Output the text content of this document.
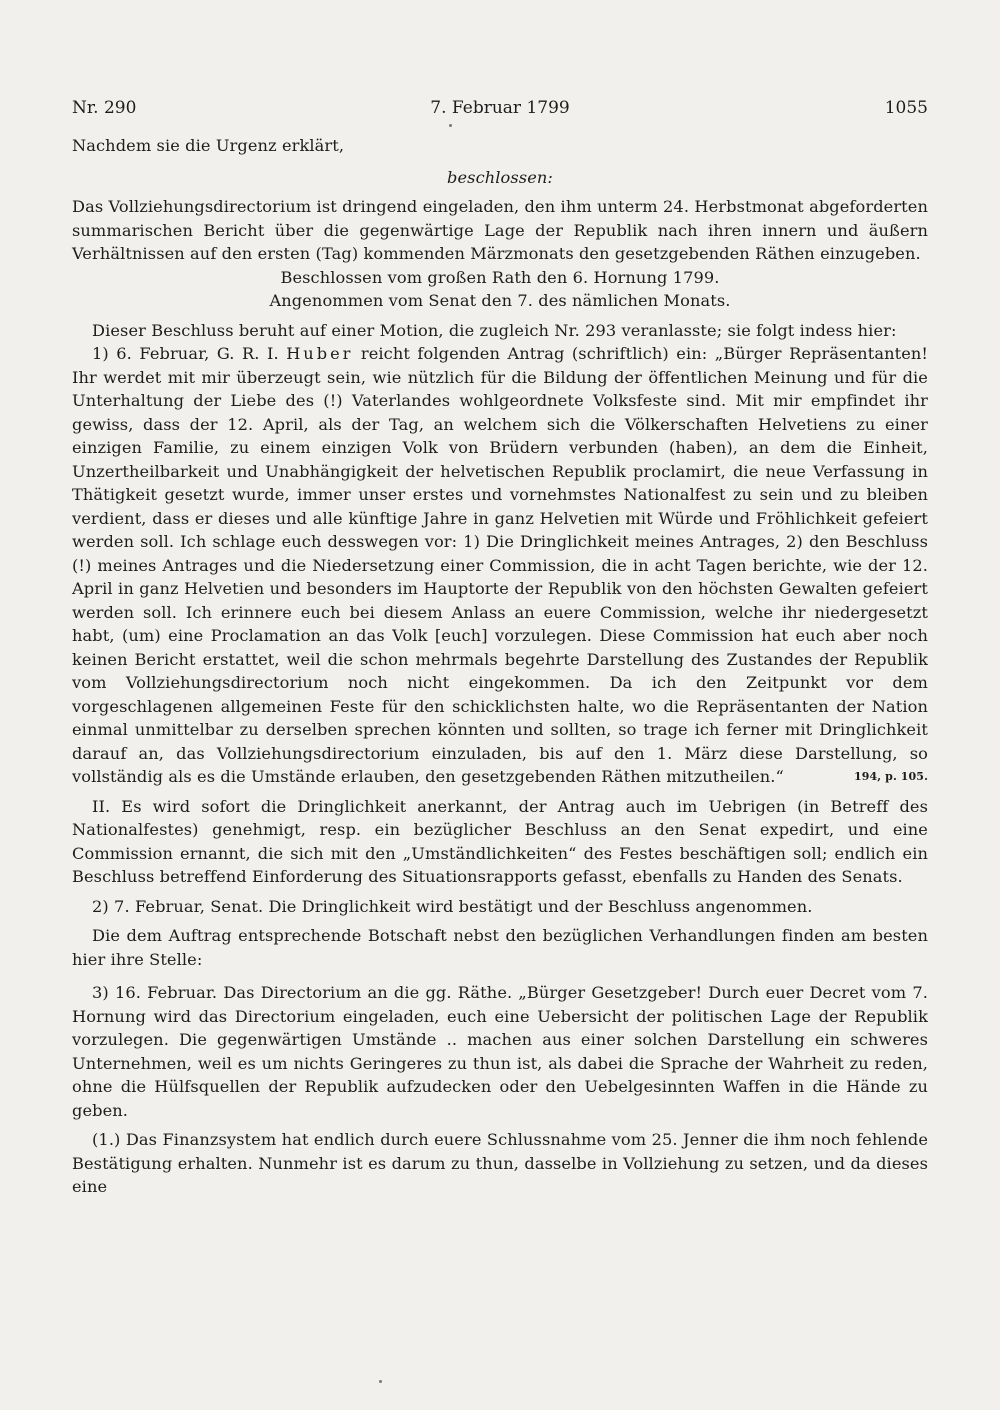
Nr. 290	7. Februar 1799	1055

Nachdem sie die Urgenz erklärt,

beschlossen:

Das Vollziehungsdirectorium ist dringend eingeladen, den ihm unterm 24. Herbstmonat abgeforderten summarischen Bericht über die gegenwärtige Lage der Republik nach ihren innern und äußern Verhältnissen auf den ersten (Tag) kommenden Märzmonats den gesetzgebenden Räthen einzugeben.

Beschlossen vom großen Rath den 6. Hornung 1799.

Angenommen vom Senat den 7. des nämlichen Monats.

Dieser Beschluss beruht auf einer Motion, die zugleich Nr. 293 veranlasste; sie folgt indess hier:

1) 6. Februar, G. R. I. Huber reicht folgenden Antrag (schriftlich) ein: „Bürger Repräsentanten! Ihr werdet mit mir überzeugt sein, wie nützlich für die Bildung der öffentlichen Meinung und für die Unterhaltung der Liebe des (!) Vaterlandes wohlgeordnete Volksfeste sind. Mit mir empfindet ihr gewiss, dass der 12. April, als der Tag, an welchem sich die Völkerschaften Helvetiens zu einer einzigen Familie, zu einem einzigen Volk von Brüdern verbunden (haben), an dem die Einheit, Unzertheilbarkeit und Unabhängigkeit der helvetischen Republik proclamirt, die neue Verfassung in Thätigkeit gesetzt wurde, immer unser erstes und vornehmstes Nationalfest zu sein und zu bleiben verdient, dass er dieses und alle künftige Jahre in ganz Helvetien mit Würde und Fröhlichkeit gefeiert werden soll. Ich schlage euch desswegen vor: 1) Die Dringlichkeit meines Antrages, 2) den Beschluss (!) meines Antrages und die Niedersetzung einer Commission, die in acht Tagen berichte, wie der 12. April in ganz Helvetien und besonders im Hauptorte der Republik von den höchsten Gewalten gefeiert werden soll. Ich erinnere euch bei diesem Anlass an euere Commission, welche ihr niedergesetzt habt, (um) eine Proclamation an das Volk [euch] vorzulegen. Diese Commission hat euch aber noch keinen Bericht erstattet, weil die schon mehrmals begehrte Darstellung des Zustandes der Republik vom Vollziehungsdirectorium noch nicht eingekommen. Da ich den Zeitpunkt vor dem vorgeschlagenen allgemeinen Feste für den schicklichsten halte, wo die Repräsentanten der Nation einmal unmittelbar zu derselben sprechen könnten und sollten, so trage ich ferner mit Dringlichkeit darauf an, das Vollziehungsdirectorium einzuladen, bis auf den 1. März diese Darstellung, so vollständig als es die Umstände erlauben, den gesetzgebenden Räthen mitzutheilen.“	194, p. 105.

II. Es wird sofort die Dringlichkeit anerkannt, der Antrag auch im Uebrigen (in Betreff des Nationalfestes) genehmigt, resp. ein bezüglicher Beschluss an den Senat expedirt, und eine Commission ernannt, die sich mit den „Umständlichkeiten“ des Festes beschäftigen soll; endlich ein Beschluss betreffend Einforderung des Situationsrapports gefasst, ebenfalls zu Handen des Senats.

2) 7. Februar, Senat. Die Dringlichkeit wird bestätigt und der Beschluss angenommen.

Die dem Auftrag entsprechende Botschaft nebst den bezüglichen Verhandlungen finden am besten hier ihre Stelle:

3) 16. Februar. Das Directorium an die gg. Räthe. „Bürger Gesetzgeber! Durch euer Decret vom 7. Hornung wird das Directorium eingeladen, euch eine Uebersicht der politischen Lage der Republik vorzulegen. Die gegenwärtigen Umstände .. machen aus einer solchen Darstellung ein schweres Unternehmen, weil es um nichts Geringeres zu thun ist, als dabei die Sprache der Wahrheit zu reden, ohne die Hülfsquellen der Republik aufzudecken oder den Uebelgesinnten Waffen in die Hände zu geben.

(1.) Das Finanzsystem hat endlich durch euere Schlussnahme vom 25. Jenner die ihm noch fehlende Bestätigung erhalten. Nunmehr ist es darum zu thun, dasselbe in Vollziehung zu setzen, und da dieses eine
